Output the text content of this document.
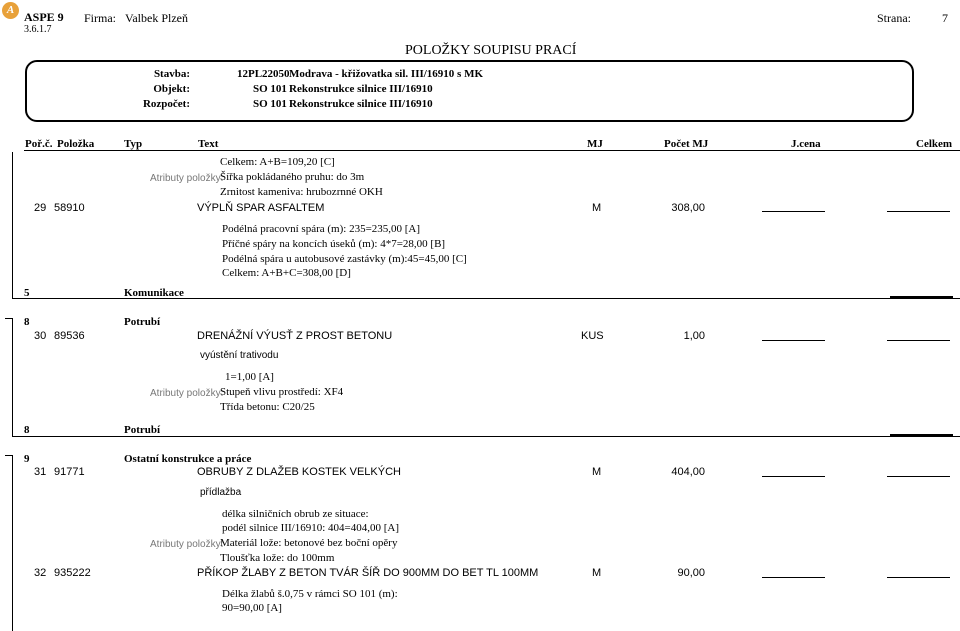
A ASPE 9
3.6.1.7
Firma: Valbek Plzeň	Strana:	7
POLOŽKY SOUPISU PRACÍ
Stavba:	12PL22050 Modrava - křižovatka sil. III/16910 s MK
Objekt:	SO 101 Rekonstrukce silnice III/16910
Rozpočet:	SO 101 Rekonstrukce silnice III/16910
Poř.č. Položka	Typ	Text	MJ	Počet MJ	J.cena	Celkem
Celkem: A+B=109,20 [C]
Atributy položky:
Šířka pokládaného pruhu: do 3m
Zrnitost kameniva: hrubozrnné OKH
29 58910	VÝPLŇ SPAR ASFALTEM	M	308,00
Podélná pracovní spára (m): 235=235,00 [A]
Příčné spáry na koncích úseků (m): 4*7=28,00 [B]
Podélná spára u autobusové zastávky (m):45=45,00 [C]
Celkem: A+B+C=308,00 [D]
5	Komunikace
8	Potrubí
30 89536	DRENÁŽNÍ VÝUSŤ Z PROST BETONU	KUS	1,00
vyústění trativodu
1=1,00 [A]
Atributy položky:
Stupeň vlivu prostředí: XF4
Třída betonu: C20/25
8	Potrubí
9	Ostatní konstrukce a práce
31 91771	OBRUBY Z DLAŽEB KOSTEK VELKÝCH	M	404,00
přídlažba
délka silničních obrub ze situace:
podél silnice III/16910: 404=404,00 [A]
Atributy položky:
Materiál lože: betonové bez boční opěry
Tloušťka lože: do 100mm
32 935222	PŘÍKOP ŽLABY Z BETON TVÁR ŠÍŘ DO 900MM DO BET TL 100MM	M	90,00
Délka žlabů š.0,75 v rámci SO 101 (m):
90=90,00 [A]
